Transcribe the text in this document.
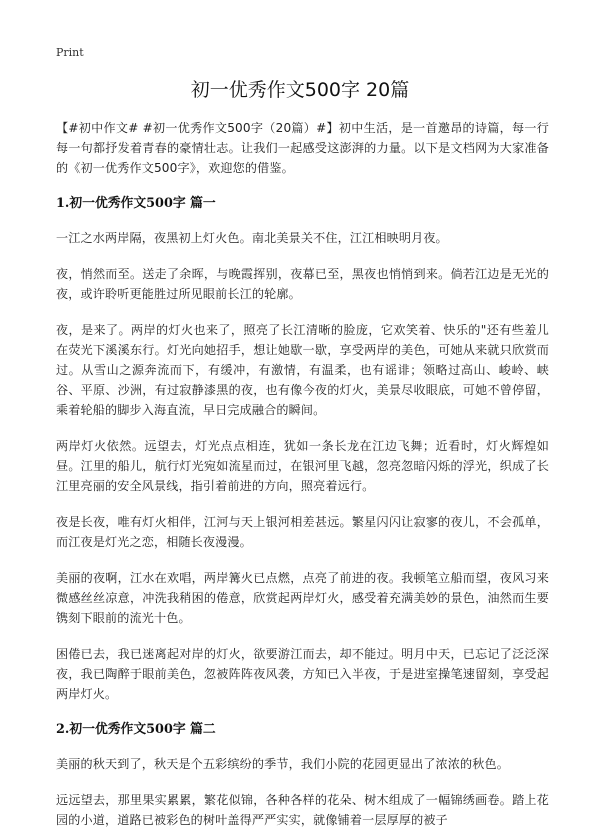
Print
初一优秀作文500字 20篇

【#初中作文# #初一优秀作文500字（20篇）#】初中生活，是一首邀昂的诗篇，每一行每一句都抒发着青春的豪情壮志。让我们一起感受这澎湃的力量。以下是文档网为大家准备的《初一优秀作文500字》，欢迎您的借鉴。

1.初一优秀作文500字 篇一

一江之水两岸隔，夜黑初上灯火色。南北美景关不住，江江相映明月夜。

夜，悄然而至。送走了余晖，与晚霞挥别，夜幕已至，黑夜也悄悄到来。倘若江边是无光的夜，或许聆听更能胜过所见眼前长江的轮廓。

夜，是来了。两岸的灯火也来了，照亮了长江清晰的脸庞，它欢笑着、快乐的"还有些羞儿在荧光下溪溪东行。灯光向她招手，想让她歇一歇，享受两岸的美色，可她从来就只欣赏而过。从雪山之源奔流而下，有缓冲，有激情，有温柔，也有谣诽；领略过高山、峻岭、峡谷、平原、沙洲，有过寂静漆黑的夜，也有像今夜的灯火，美景尽收眼底，可她不曾停留，乘着轮船的脚步入海直流，早日完成融合的瞬间。

两岸灯火依然。远望去，灯光点点相连，犹如一条长龙在江边飞舞；近看时，灯火辉煌如昼。江里的船儿，航行灯光宛如流星而过，在银河里飞越，忽亮忽暗闪烁的浮光，织成了长江里亮丽的安全风景线，指引着前进的方向，照亮着远行。

夜是长夜，唯有灯火相伴，江河与天上银河相差甚远。繁星闪闪让寂寥的夜儿，不会孤单，而江夜是灯光之恋，相随长夜漫漫。

美丽的夜啊，江水在欢唱，两岸篝火已点燃，点亮了前进的夜。我顿笔立船而望，夜风习来微感丝丝凉意，冲洗我稍困的倦意，欣赏起两岸灯火，感受着充满美妙的景色，油然而生要镌刻下眼前的流光十色。

困倦已去，我已迷离起对岸的灯火，欲要游江而去，却不能过。明月中天，已忘记了泛泛深夜，我已陶醉于眼前美色，忽被阵阵夜风袭，方知已入半夜，于是进室操笔速留刻，享受起两岸灯火。

2.初一优秀作文500字 篇二

美丽的秋天到了，秋天是个五彩缤纷的季节，我们小院的花园更显出了浓浓的秋色。

远远望去，那里果实累累，繁花似锦，各种各样的花朵、树木组成了一幅锦绣画卷。踏上花园的小道，道路已被彩色的树叶盖得严严实实，就像铺着一层厚厚的被子
